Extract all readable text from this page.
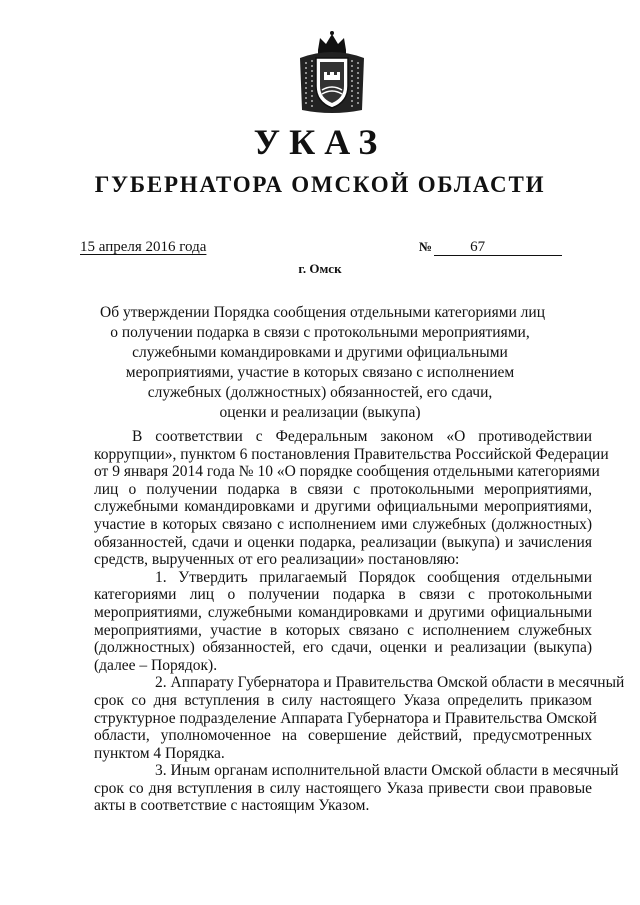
УКАЗ
ГУБЕРНАТОРА ОМСКОЙ ОБЛАСТИ
15 апреля 2016 года	№	67
г. Омск
Об утверждении Порядка сообщения отдельными категориями лиц
о получении подарка в связи с протокольными мероприятиями,
служебными командировками и другими официальными
мероприятиями, участие в которых связано с исполнением
служебных (должностных) обязанностей, его сдачи,
оценки и реализации (выкупа)
В соответствии с Федеральным законом «О противодействии
коррупции», пунктом 6 постановления Правительства Российской Федерации
от 9 января 2014 года № 10 «О порядке сообщения отдельными категориями
лиц о получении подарка в связи с протокольными мероприятиями,
служебными командировками и другими официальными мероприятиями,
участие в которых связано с исполнением ими служебных (должностных)
обязанностей, сдачи и оценки подарка, реализации (выкупа) и зачисления
средств, вырученных от его реализации» постановляю:
1. Утвердить прилагаемый Порядок сообщения отдельными
категориями лиц о получении подарка в связи с протокольными
мероприятиями, служебными командировками и другими официальными
мероприятиями, участие в которых связано с исполнением служебных
(должностных) обязанностей, его сдачи, оценки и реализации (выкупа)
(далее – Порядок).
2. Аппарату Губернатора и Правительства Омской области в месячный
срок со дня вступления в силу настоящего Указа определить приказом
структурное подразделение Аппарата Губернатора и Правительства Омской
области, уполномоченное на совершение действий, предусмотренных
пунктом 4 Порядка.
3. Иным органам исполнительной власти Омской области в месячный
срок со дня вступления в силу настоящего Указа привести свои правовые
акты в соответствие с настоящим Указом.
